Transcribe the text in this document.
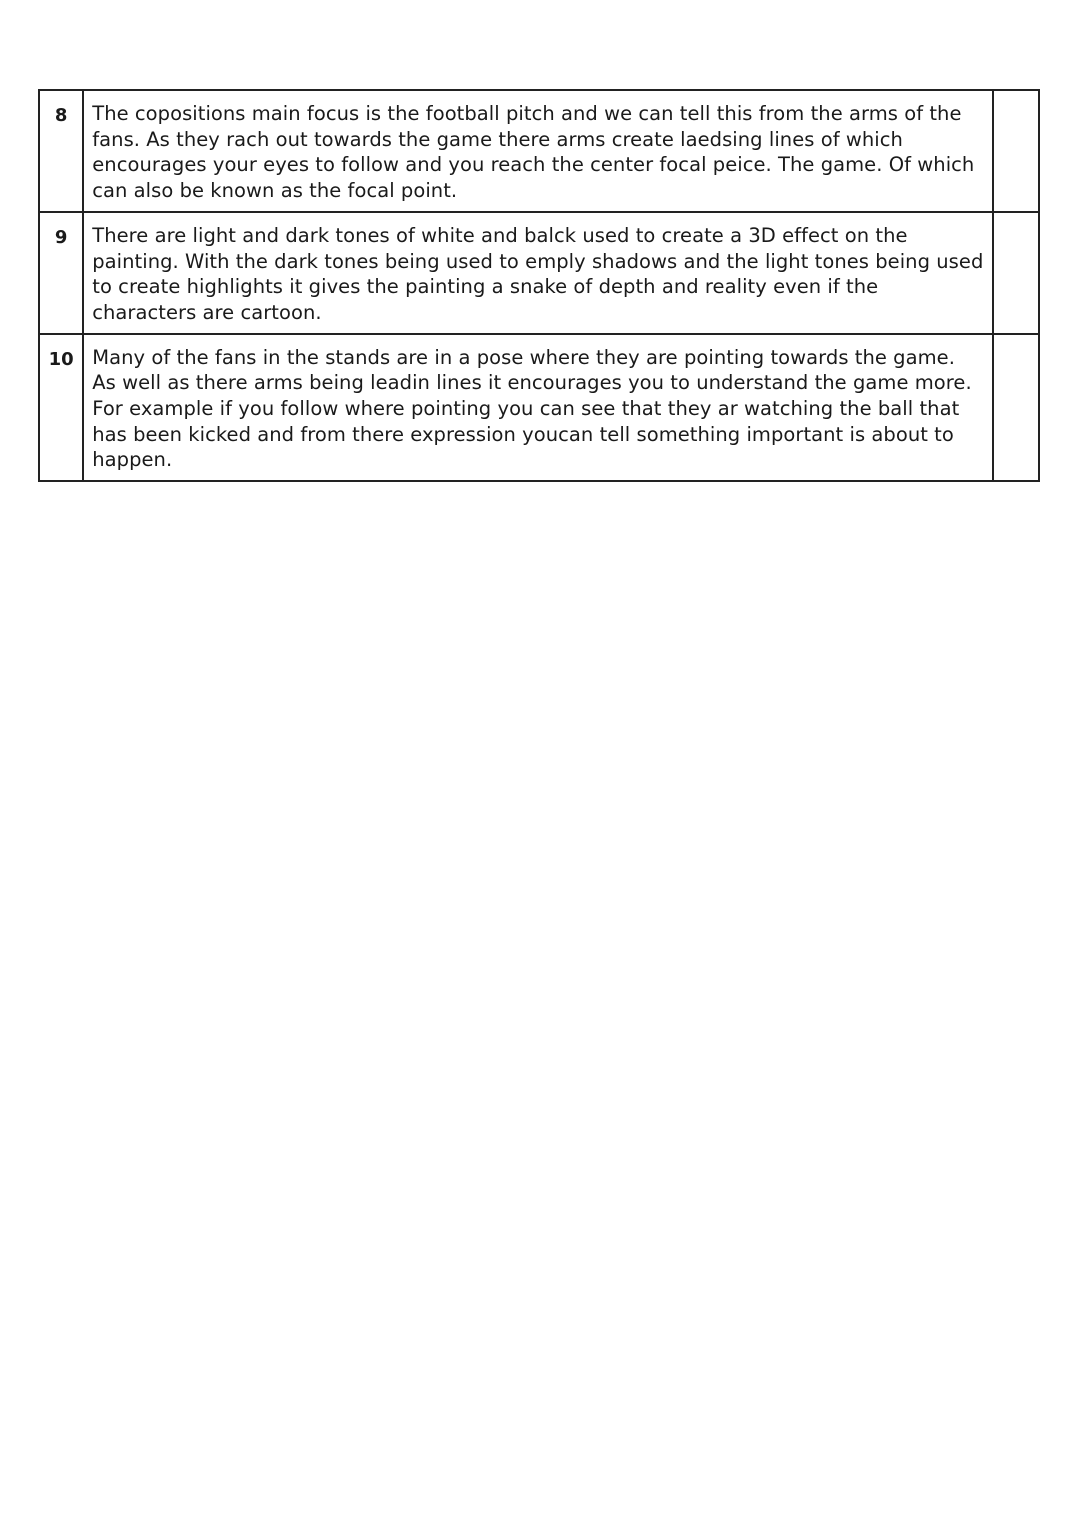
8	The copositions main focus is the football pitch and we can tell this from the arms of the fans. As they rach out towards the game there arms create laedsing lines of which encourages your eyes to follow and you reach the center focal peice. The game. Of which can also be known as the focal point.	
9	There are light and dark tones of white and balck used to create a 3D effect on the painting. With the dark tones being used to emply shadows and the light tones being used to create highlights it gives the painting a snake of depth and reality even if the characters are cartoon.	
10	Many of the fans in the stands are in a pose where they are pointing towards the game. As well as there arms being leadin lines it encourages you to understand the game more. For example if you follow where pointing you can see that they ar watching the ball that has been kicked and from there expression youcan tell something important is about to happen.	
